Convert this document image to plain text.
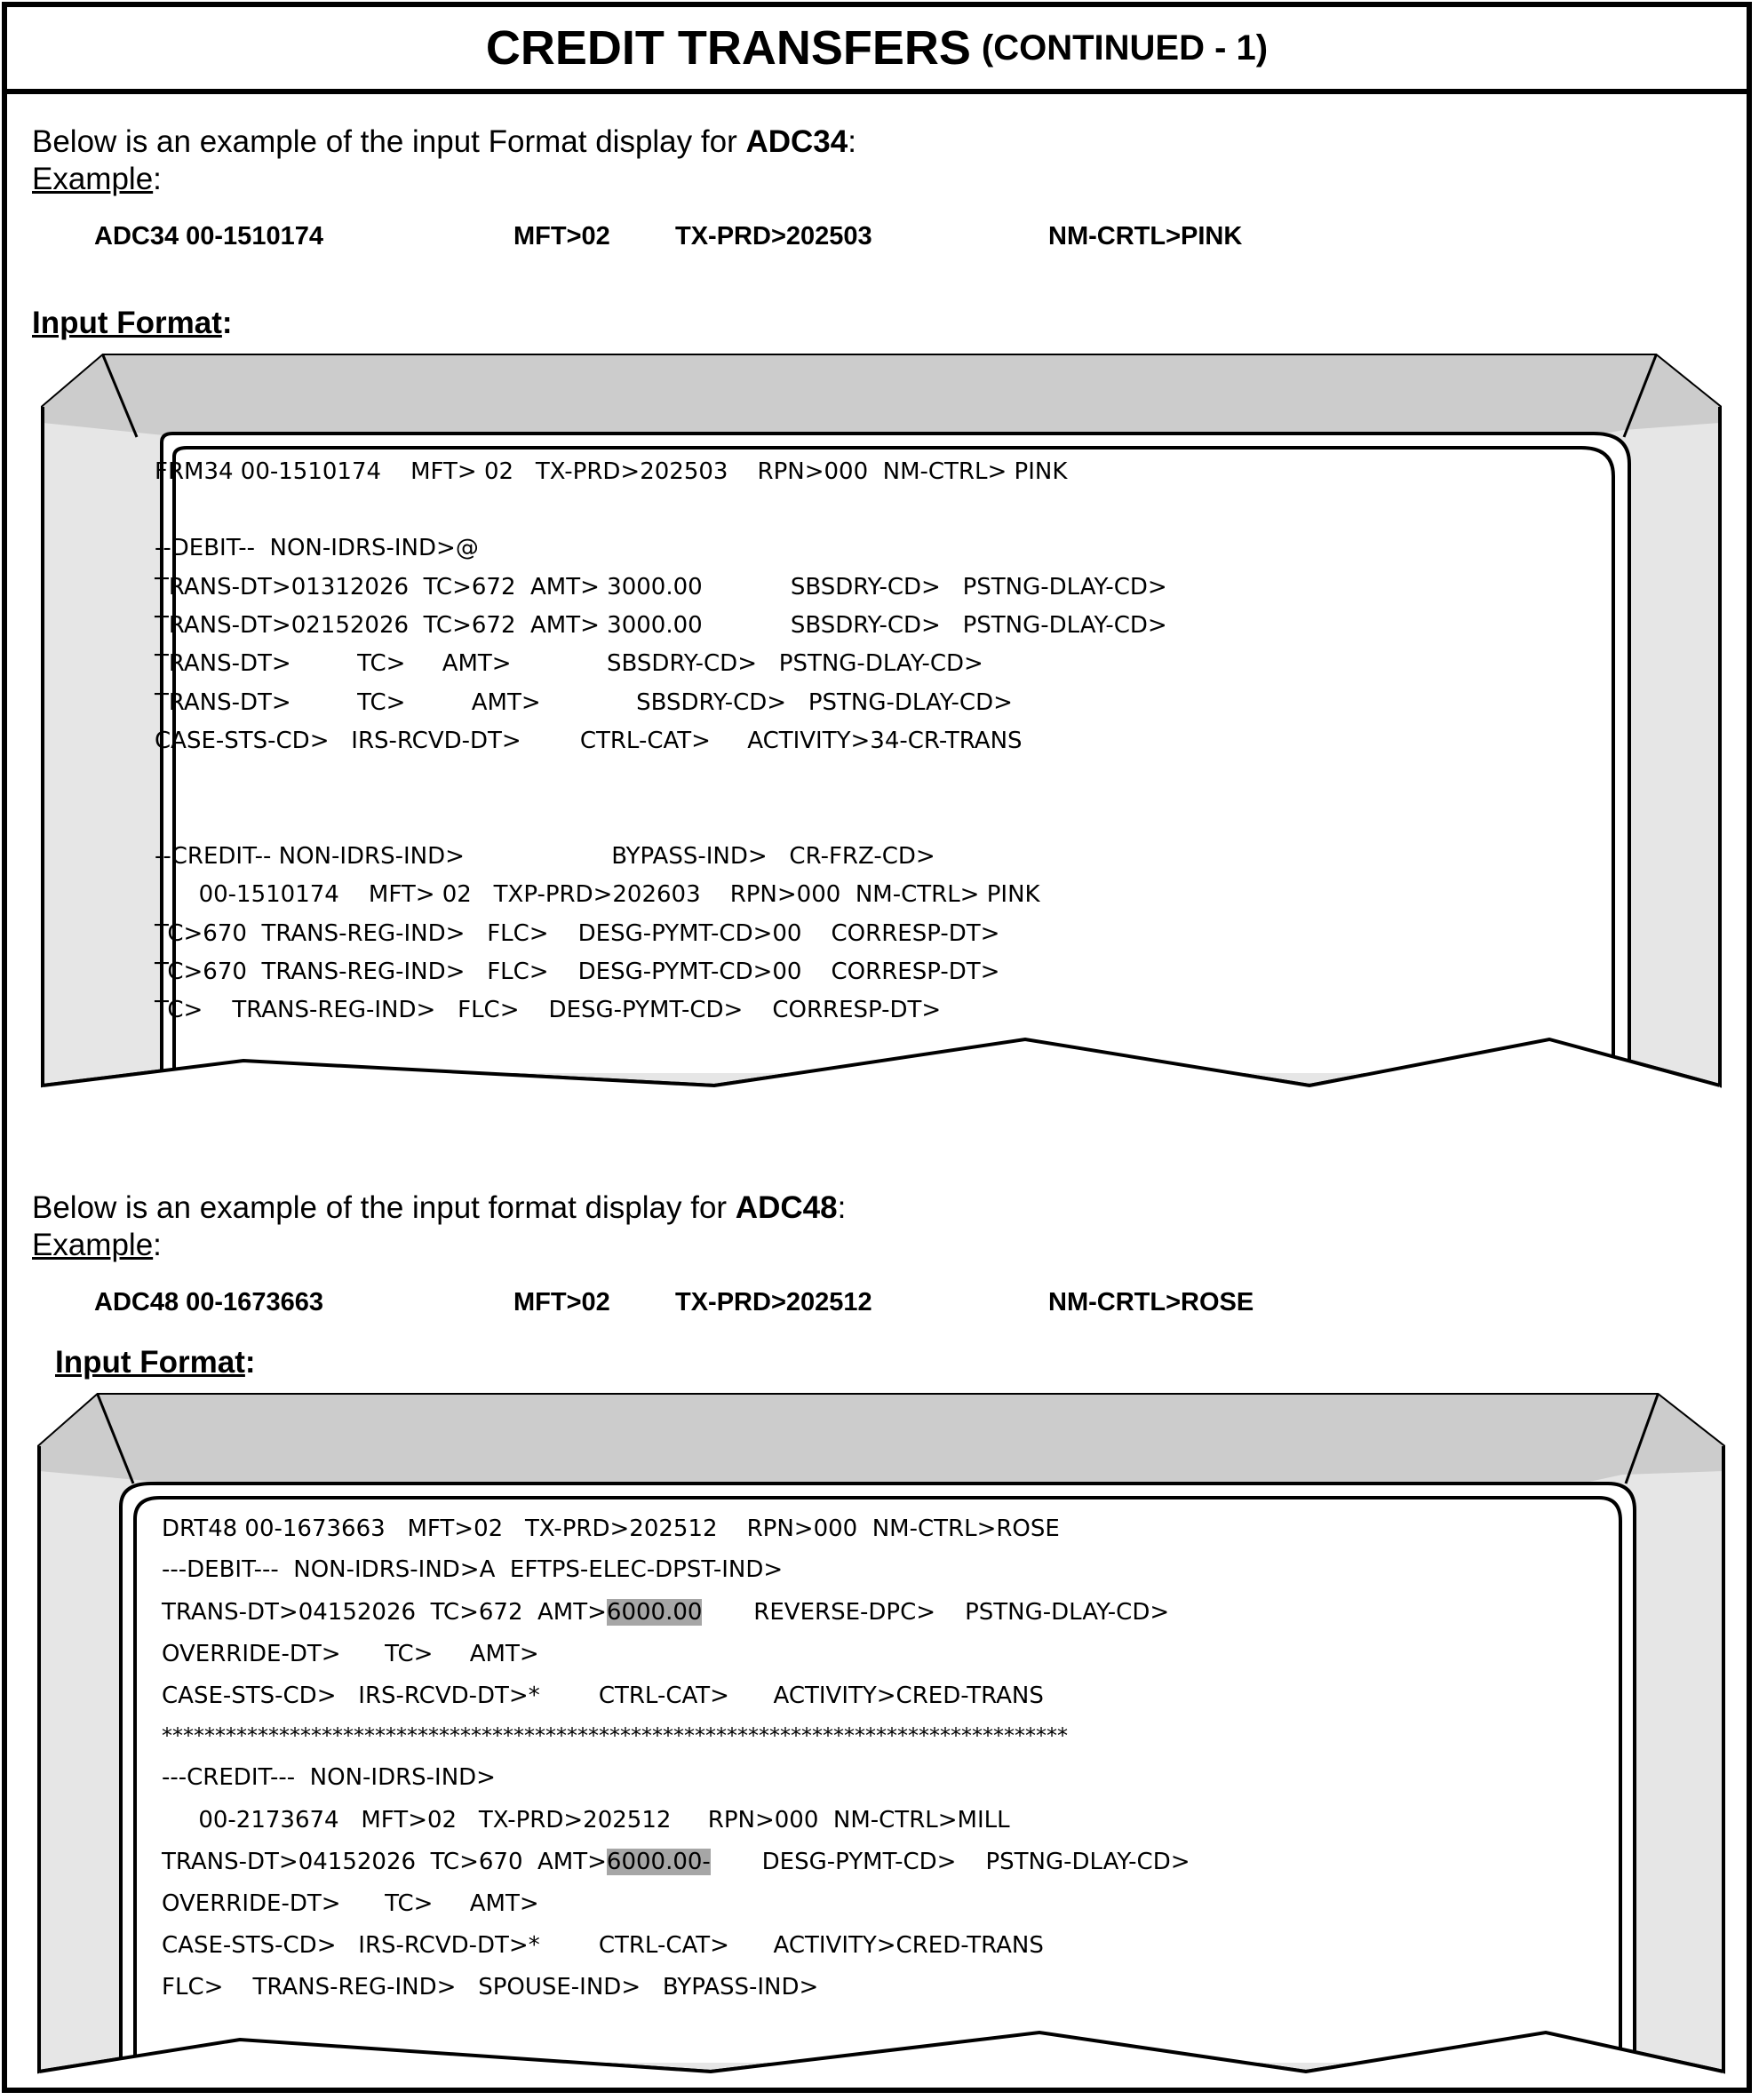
CREDIT TRANSFERS (CONTINUED - 1)
Below is an example of the input Format display for ADC34:
Example:
ADC34 00-1510174	MFT>02	TX-PRD>202503	NM-CRTL>PINK
Input Format:
FRM34 00-1510174    MFT> 02   TX-PRD>202503    RPN>000  NM-CTRL> PINK
--DEBIT--  NON-IDRS-IND>@
TRANS-DT>01312026  TC>672  AMT> 3000.00            SBSDRY-CD>   PSTNG-DLAY-CD>
TRANS-DT>02152026  TC>672  AMT> 3000.00            SBSDRY-CD>   PSTNG-DLAY-CD>
TRANS-DT>         TC>     AMT>             SBSDRY-CD>   PSTNG-DLAY-CD>
TRANS-DT>         TC>         AMT>             SBSDRY-CD>   PSTNG-DLAY-CD>
CASE-STS-CD>   IRS-RCVD-DT>        CTRL-CAT>     ACTIVITY>34-CR-TRANS
--CREDIT-- NON-IDRS-IND>                    BYPASS-IND>   CR-FRZ-CD>
00-1510174    MFT> 02   TXP-PRD>202603    RPN>000  NM-CTRL> PINK
TC>670  TRANS-REG-IND>   FLC>    DESG-PYMT-CD>00    CORRESP-DT>
TC>670  TRANS-REG-IND>   FLC>    DESG-PYMT-CD>00    CORRESP-DT>
TC>    TRANS-REG-IND>   FLC>    DESG-PYMT-CD>    CORRESP-DT>
Below is an example of the input format display for ADC48:
Example:
ADC48 00-1673663	MFT>02	TX-PRD>202512	NM-CRTL>ROSE
Input Format:
DRT48 00-1673663   MFT>02   TX-PRD>202512    RPN>000  NM-CTRL>ROSE
---DEBIT---  NON-IDRS-IND>A  EFTPS-ELEC-DPST-IND>
TRANS-DT>04152026  TC>672  AMT>6000.00       REVERSE-DPC>    PSTNG-DLAY-CD>
OVERRIDE-DT>      TC>     AMT>
CASE-STS-CD>   IRS-RCVD-DT>*        CTRL-CAT>      ACTIVITY>CRED-TRANS
*************************************************************************************
---CREDIT---  NON-IDRS-IND>
00-2173674   MFT>02   TX-PRD>202512     RPN>000  NM-CTRL>MILL
TRANS-DT>04152026  TC>670  AMT>6000.00-       DESG-PYMT-CD>    PSTNG-DLAY-CD>
OVERRIDE-DT>      TC>     AMT>
CASE-STS-CD>   IRS-RCVD-DT>*        CTRL-CAT>      ACTIVITY>CRED-TRANS
FLC>    TRANS-REG-IND>   SPOUSE-IND>   BYPASS-IND>
